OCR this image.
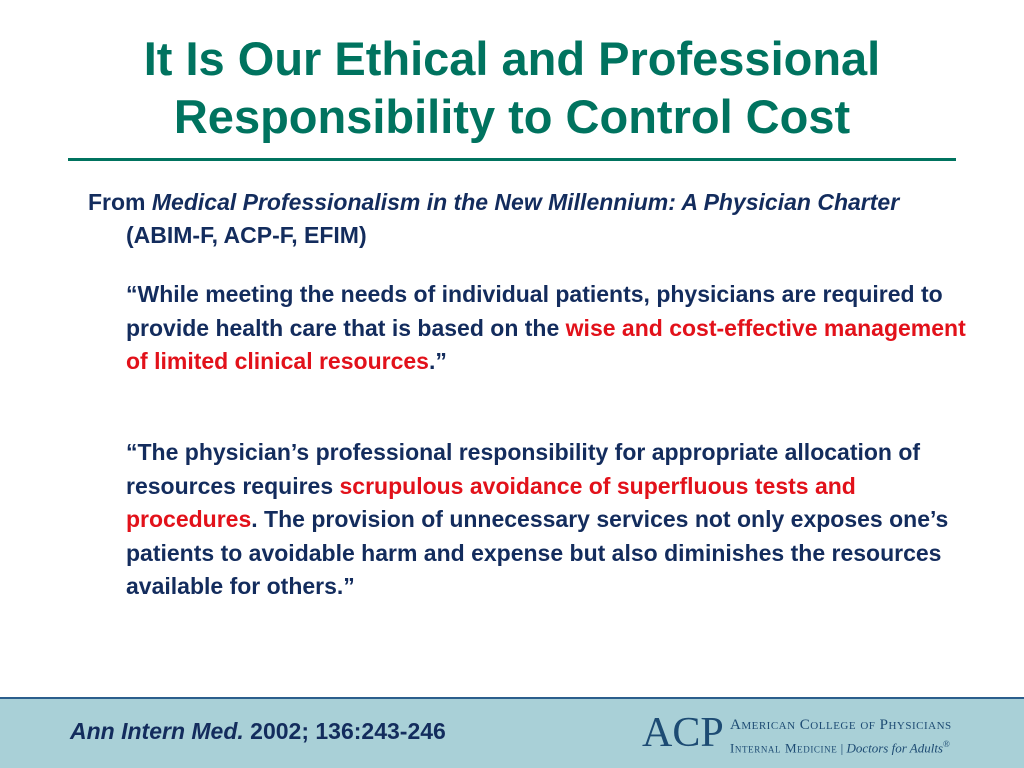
It Is Our Ethical and Professional
Responsibility to Control Cost
From Medical Professionalism in the New Millennium: A Physician Charter (ABIM-F, ACP-F, EFIM)
“While meeting the needs of individual patients, physicians are required to provide health care that is based on the wise and cost-effective management of limited clinical resources.”
“The physician’s professional responsibility for appropriate allocation of resources requires scrupulous avoidance of superfluous tests and procedures. The provision of unnecessary services not only exposes one’s patients to avoidable harm and expense but also diminishes the resources available for others.”
Ann Intern Med. 2002; 136:243-246	ACP American College of Physicians
Internal Medicine | Doctors for Adults®
